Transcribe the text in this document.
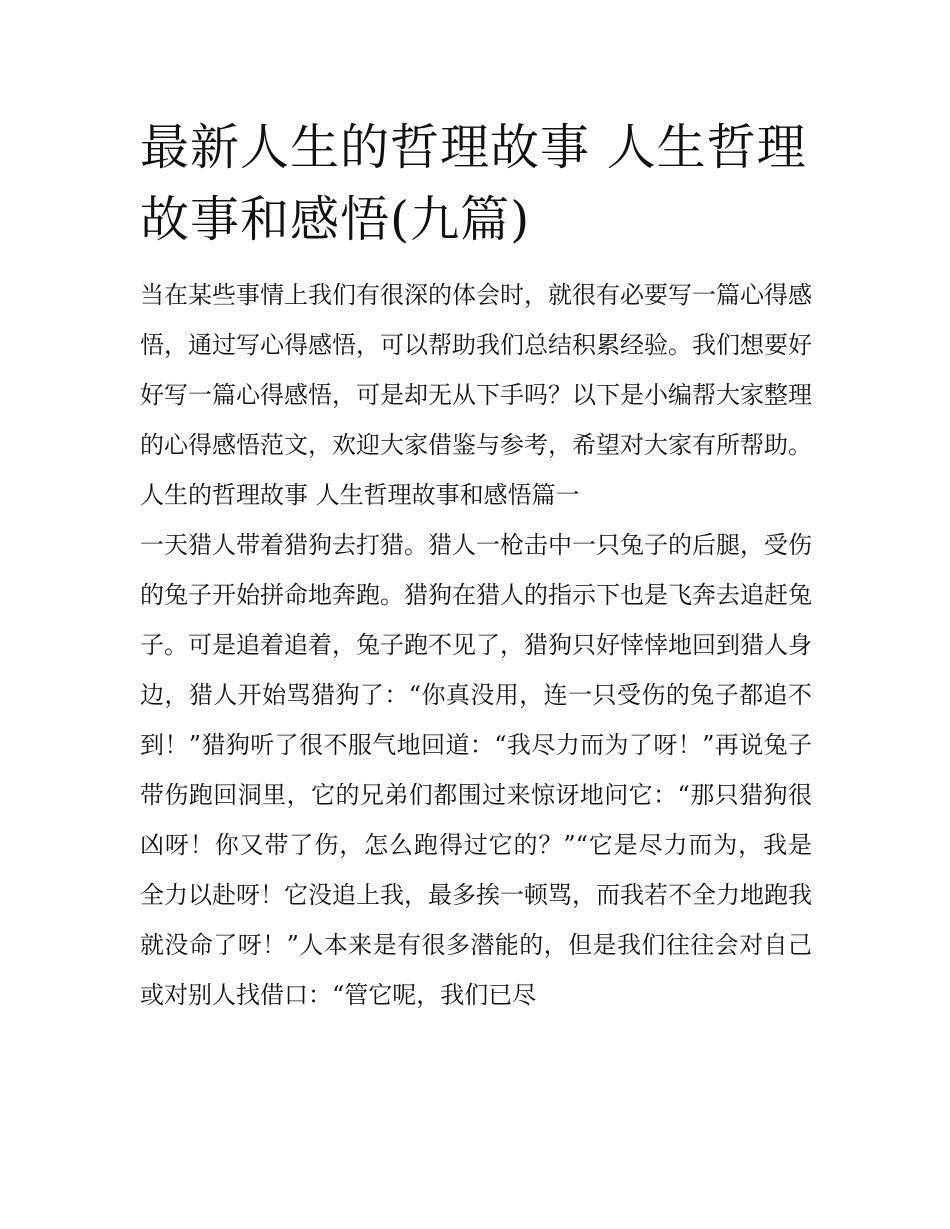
最新人生的哲理故事 人生哲理故事和感悟(九篇)

当在某些事情上我们有很深的体会时，就很有必要写一篇心得感悟，通过写心得感悟，可以帮助我们总结积累经验。我们想要好好写一篇心得感悟，可是却无从下手吗？以下是小编帮大家整理的心得感悟范文，欢迎大家借鉴与参考，希望对大家有所帮助。

人生的哲理故事 人生哲理故事和感悟篇一

一天猎人带着猎狗去打猎。猎人一枪击中一只兔子的后腿，受伤的兔子开始拼命地奔跑。猎狗在猎人的指示下也是飞奔去追赶兔子。可是追着追着，兔子跑不见了，猎狗只好悻悻地回到猎人身边，猎人开始骂猎狗了：“你真没用，连一只受伤的兔子都追不到！”猎狗听了很不服气地回道：“我尽力而为了呀！”再说兔子带伤跑回洞里，它的兄弟们都围过来惊讶地问它：“那只猎狗很凶呀！你又带了伤，怎么跑得过它的？”“它是尽力而为，我是全力以赴呀！它没追上我，最多挨一顿骂，而我若不全力地跑我就没命了呀！”人本来是有很多潜能的，但是我们往往会对自己或对别人找借口：“管它呢，我们已尽
